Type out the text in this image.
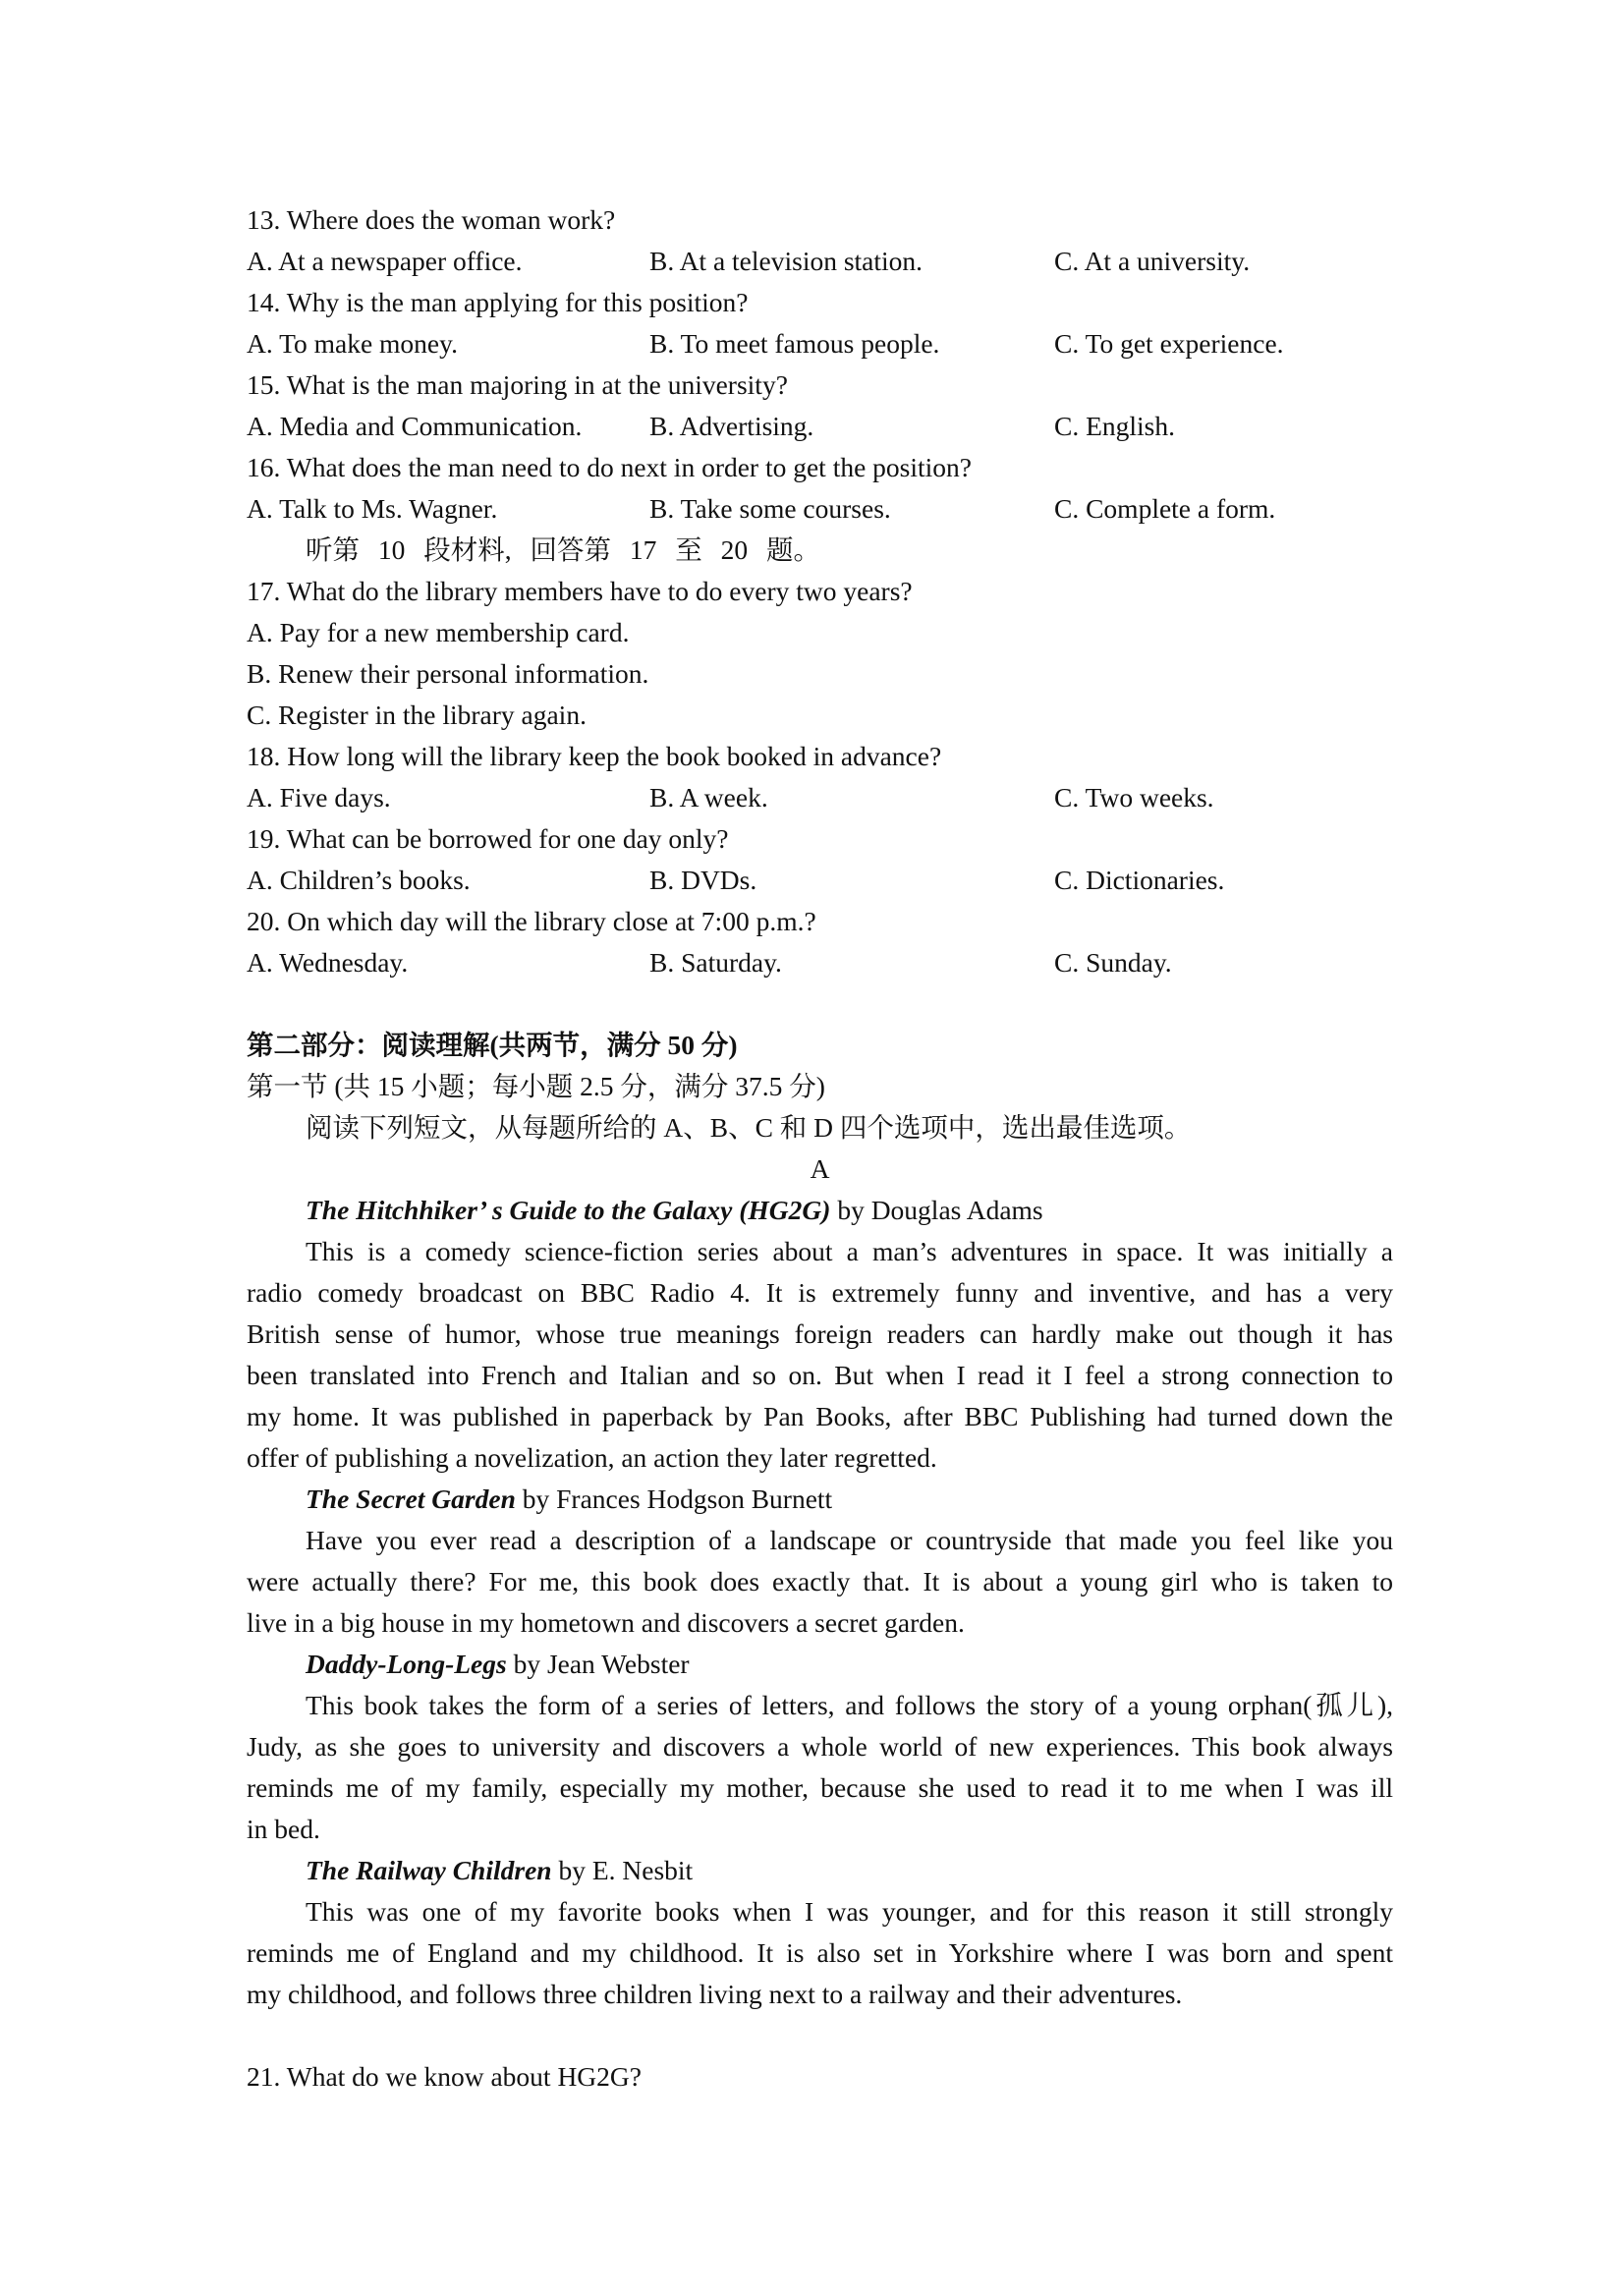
13. Where does the woman work?
A. At a newspaper office.	B. At a television station.	C. At a university.
14. Why is the man applying for this position?
A. To make money.	B. To meet famous people.	C. To get experience.
15. What is the man majoring in at the university?
A. Media and Communication. B. Advertising.	C. English.
16. What does the man need to do next in order to get the position?
A. Talk to Ms. Wagner.	B. Take some courses.	C. Complete a form.
听第 10 段材料, 回答第 17 至 20 题。
17. What do the library members have to do every two years?
A. Pay for a new membership card.
B. Renew their personal information.
C. Register in the library again.
18. How long will the library keep the book booked in advance?
A. Five days.	B. A week.	C. Two weeks.
19. What can be borrowed for one day only?
A. Children’s books.	B. DVDs.	C. Dictionaries.
20. On which day will the library close at 7:00 p.m.?
A. Wednesday.	B. Saturday.	C. Sunday.
第二部分：阅读理解(共两节，满分 50 分)
第一节 (共 15 小题；每小题 2.5 分，满分 37.5 分)
阅读下列短文，从每题所给的 A、B、C 和 D 四个选项中，选出最佳选项。
A
The Hitchhiker’ s Guide to the Galaxy (HG2G) by Douglas Adams
This is a comedy science-fiction series about a man’s adventures in space. It was initially a
radio comedy broadcast on BBC Radio 4. It is extremely funny and inventive, and has a very
British sense of humor, whose true meanings foreign readers can hardly make out though it has
been translated into French and Italian and so on. But when I read it I feel a strong connection to
my home. It was published in paperback by Pan Books, after BBC Publishing had turned down the
offer of publishing a novelization, an action they later regretted.
The Secret Garden by Frances Hodgson Burnett
Have you ever read a description of a landscape or countryside that made you feel like you
were actually there? For me, this book does exactly that. It is about a young girl who is taken to
live in a big house in my hometown and discovers a secret garden.
Daddy-Long-Legs by Jean Webster
This book takes the form of a series of letters, and follows the story of a young orphan(孤儿),
Judy, as she goes to university and discovers a whole world of new experiences. This book always
reminds me of my family, especially my mother, because she used to read it to me when I was ill
in bed.
The Railway Children by E. Nesbit
This was one of my favorite books when I was younger, and for this reason it still strongly
reminds me of England and my childhood. It is also set in Yorkshire where I was born and spent
my childhood, and follows three children living next to a railway and their adventures.
21. What do we know about HG2G?
